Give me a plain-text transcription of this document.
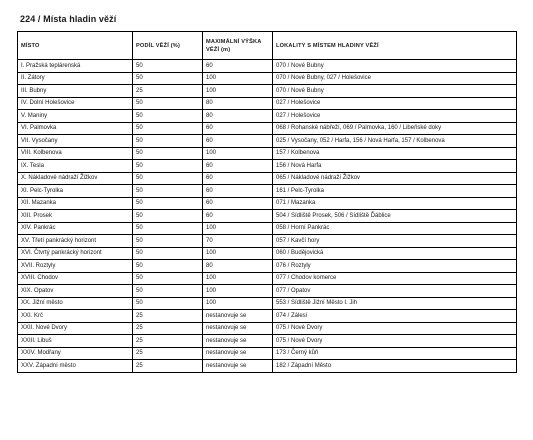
224 / Místa hladin věží
MÍSTO	PODÍL VĚŽÍ (%)	MAXIMÁLNÍ VÝŠKA VĚŽÍ (m)	LOKALITY S MÍSTEM HLADINY VĚŽÍ
I. Pražská teplárenská	50	60	070 / Nové Bubny
II. Zátory	50	100	070 / Nové Bubny, 027 / Holešovice
III. Bubny	25	100	070 / Nové Bubny
IV. Dolní Holešovice	50	80	027 / Holešovice
V. Maniny	50	80	027 / Holešovice
VI. Palmovka	50	60	068 / Rohanské nábřeží, 069 / Palmovka, 160 / Libeňské doky
VII. Vysočany	50	60	025 / Vysočany, 052 / Harfa, 156 / Nová Harfa, 157 / Kolbenova
VIII. Kolbenova	50	100	157 / Kolbenova
IX. Tesla	50	60	156 / Nová Harfa
X. Nákladové nádraží Žižkov	50	60	065 / Nákladové nádraží Žižkov
XI. Pelc-Tyrolka	50	60	161 / Pelc-Tyrolka
XII. Mazanka	50	60	071 / Mazanka
XIII. Prosek	50	60	504 / Sídliště Prosek, 506 / Sídliště Ďáblice
XIV. Pankrác	50	100	058 / Horní Pankrác
XV. Třetí pankrácký horizont	50	70	057 / Kavčí hory
XVI. Čtvrtý pankrácký horizont	50	100	060 / Budějovická
XVII. Roztyly	50	80	076 / Roztyly
XVIII. Chodov	50	100	077 / Chodov komerce
XIX. Opatov	50	100	077 / Opatov
XX. Jižní město	50	100	553 / Sídliště Jižní Město I. Jih
XXI. Krč	25	nestanovuje se	074 / Zálesí
XXII. Nové Dvory	25	nestanovuje se	075 / Nové Dvory
XXIII. Libuš	25	nestanovuje se	075 / Nové Dvory
XXIV. Modřany	25	nestanovuje se	173 / Černý kůň
XXV. Západní město	25	nestanovuje se	182 / Západní Město
